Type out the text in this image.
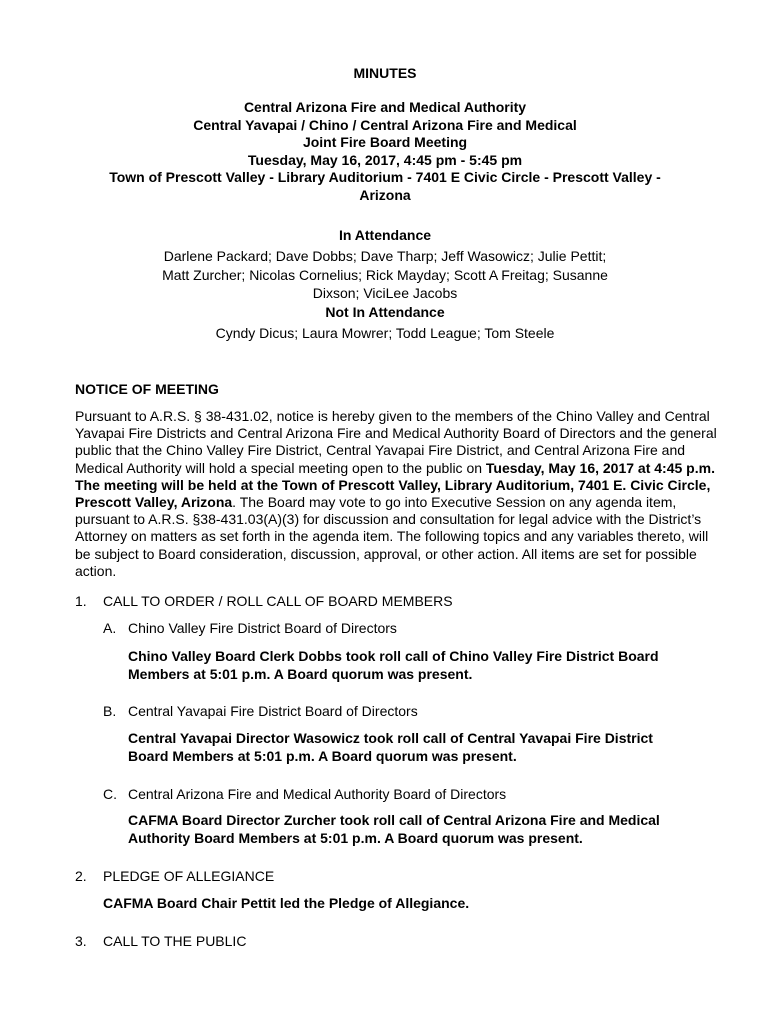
MINUTES
Central Arizona Fire and Medical Authority
Central Yavapai / Chino / Central Arizona Fire and Medical
Joint Fire Board Meeting
Tuesday, May 16, 2017, 4:45 pm - 5:45 pm
Town of Prescott Valley - Library Auditorium - 7401 E Civic Circle - Prescott Valley -
Arizona
In Attendance
Darlene Packard; Dave Dobbs; Dave Tharp; Jeff Wasowicz; Julie Pettit;
Matt Zurcher; Nicolas Cornelius; Rick Mayday; Scott A Freitag; Susanne
Dixson; ViciLee Jacobs
Not In Attendance
Cyndy Dicus; Laura Mowrer; Todd League; Tom Steele
NOTICE OF MEETING
Pursuant to A.R.S. § 38-431.02, notice is hereby given to the members of the Chino Valley and Central Yavapai Fire Districts and Central Arizona Fire and Medical Authority Board of Directors and the general public that the Chino Valley Fire District, Central Yavapai Fire District, and Central Arizona Fire and Medical Authority will hold a special meeting open to the public on Tuesday, May 16, 2017 at 4:45 p.m. The meeting will be held at the Town of Prescott Valley, Library Auditorium, 7401 E. Civic Circle, Prescott Valley, Arizona. The Board may vote to go into Executive Session on any agenda item, pursuant to A.R.S. §38-431.03(A)(3) for discussion and consultation for legal advice with the District’s Attorney on matters as set forth in the agenda item. The following topics and any variables thereto, will be subject to Board consideration, discussion, approval, or other action. All items are set for possible action.
1. CALL TO ORDER / ROLL CALL OF BOARD MEMBERS
A. Chino Valley Fire District Board of Directors
Chino Valley Board Clerk Dobbs took roll call of Chino Valley Fire District Board
Members at 5:01 p.m. A Board quorum was present.
B. Central Yavapai Fire District Board of Directors
Central Yavapai Director Wasowicz took roll call of Central Yavapai Fire District
Board Members at 5:01 p.m. A Board quorum was present.
C. Central Arizona Fire and Medical Authority Board of Directors
CAFMA Board Director Zurcher took roll call of Central Arizona Fire and Medical
Authority Board Members at 5:01 p.m. A Board quorum was present.
2. PLEDGE OF ALLEGIANCE
CAFMA Board Chair Pettit led the Pledge of Allegiance.
3. CALL TO THE PUBLIC
